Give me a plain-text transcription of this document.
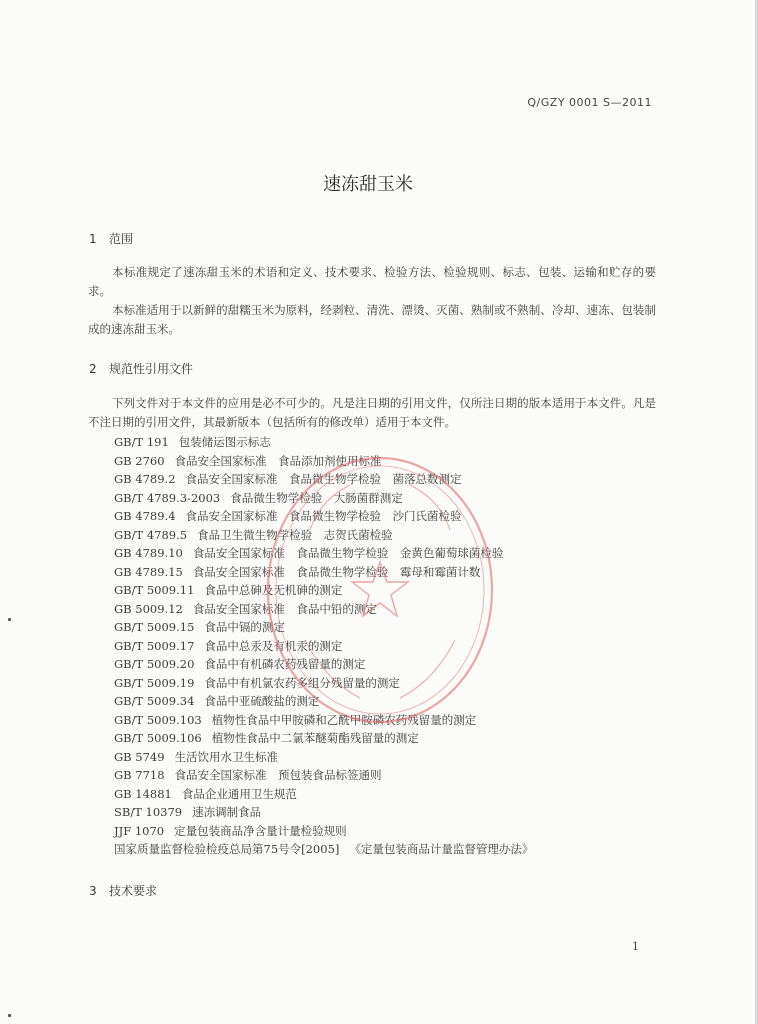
Q/GZY 0001 S—2011
速冻甜玉米
1 范围

本标准规定了速冻甜玉米的术语和定义、技术要求、检验方法、检验规则、标志、包装、运输和贮存的要求。

本标准适用于以新鲜的甜糯玉米为原料，经剥粒、清洗、漂烫、灭菌、熟制或不熟制、冷却、速冻、包装制成的速冻甜玉米。

2 规范性引用文件

下列文件对于本文件的应用是必不可少的。凡是注日期的引用文件，仅所注日期的版本适用于本文件。凡是不注日期的引用文件，其最新版本（包括所有的修改单）适用于本文件。

GB/T 191 包装储运图示标志
GB 2760 食品安全国家标准　食品添加剂使用标准
GB 4789.2 食品安全国家标准　食品微生物学检验　菌落总数测定
GB/T 4789.3-2003 食品微生物学检验　大肠菌群测定
GB 4789.4 食品安全国家标准　食品微生物学检验　沙门氏菌检验
GB/T 4789.5 食品卫生微生物学检验　志贺氏菌检验
GB 4789.10 食品安全国家标准　食品微生物学检验　金黄色葡萄球菌检验
GB 4789.15 食品安全国家标准　食品微生物学检验　霉母和霉菌计数
GB/T 5009.11 食品中总砷及无机砷的测定
GB 5009.12 食品安全国家标准　食品中铅的测定
GB/T 5009.15 食品中镉的测定
GB/T 5009.17 食品中总汞及有机汞的测定
GB/T 5009.20 食品中有机磷农药残留量的测定
GB/T 5009.19 食品中有机氯农药多组分残留量的测定
GB/T 5009.34 食品中亚硫酸盐的测定
GB/T 5009.103 植物性食品中甲胺磷和乙酰甲胺磷农药残留量的测定
GB/T 5009.106 植物性食品中二氯苯醚菊酯残留量的测定
GB 5749 生活饮用水卫生标准
GB 7718 食品安全国家标准　预包装食品标签通则
GB 14881 食品企业通用卫生规范
SB/T 10379 速冻调制食品
JJF 1070 定量包装商品净含量计量检验规则
国家质量监督检验检疫总局第75号令[2005] 《定量包装商品计量监督管理办法》
3 技术要求
1
